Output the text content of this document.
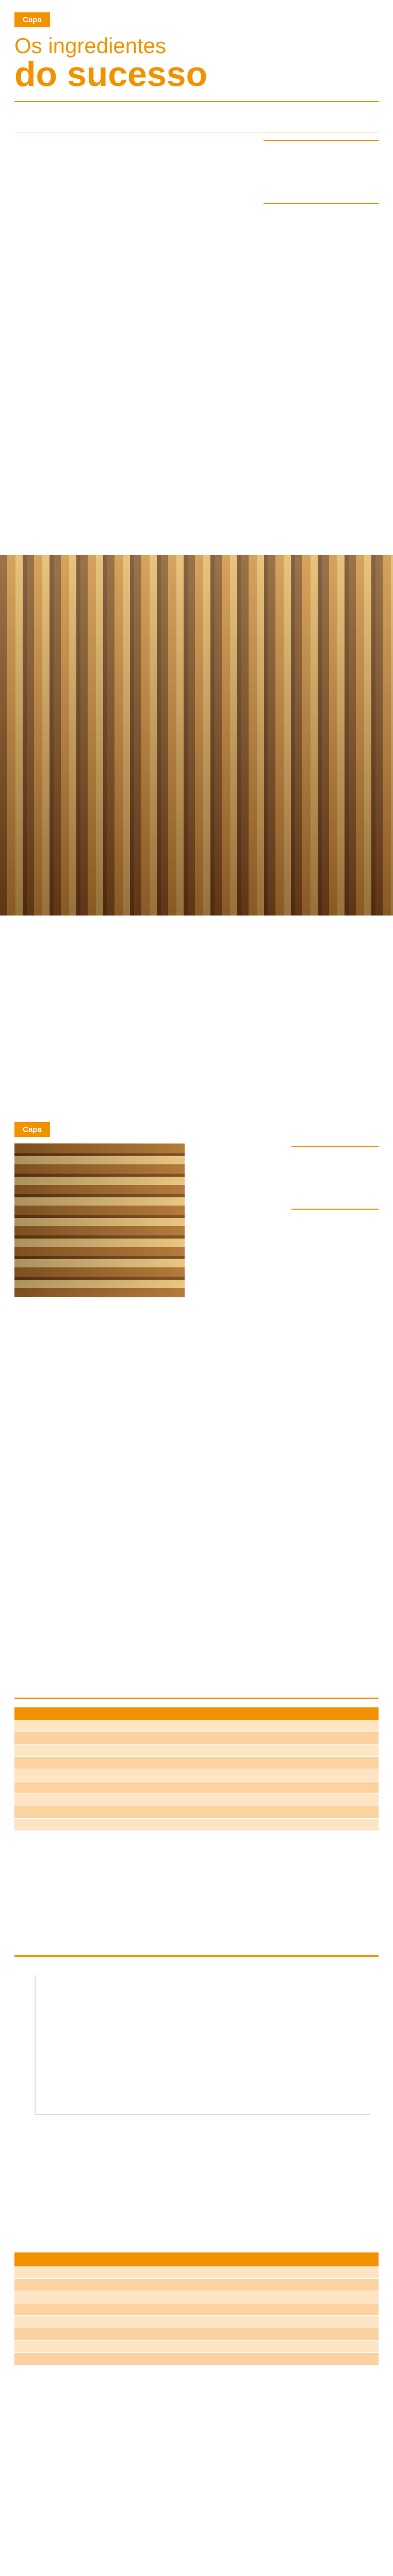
Capa
Os ingredientes
do sucesso

Capa
